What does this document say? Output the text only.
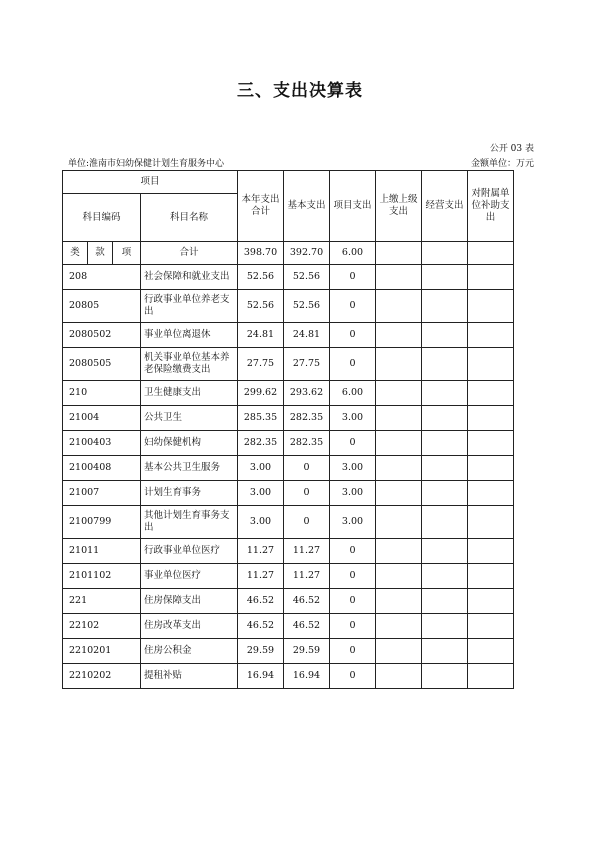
三、支出决算表
公开 03 表
单位:淮南市妇幼保健计划生育服务中心	金额单位：万元
项目				本年支出合计	基本支出	项目支出	上缴上级支出	经营支出	对附属单位补助支出
科目编码			科目名称						
类	款	项	合计	398.70	392.70	6.00			
208			社会保障和就业支出	52.56	52.56	0			
20805			行政事业单位养老支出	52.56	52.56	0			
2080502			事业单位离退休	24.81	24.81	0			
2080505			机关事业单位基本养老保险缴费支出	27.75	27.75	0			
210			卫生健康支出	299.62	293.62	6.00			
21004			公共卫生	285.35	282.35	3.00			
2100403			妇幼保健机构	282.35	282.35	0			
2100408			基本公共卫生服务	3.00	0	3.00			
21007			计划生育事务	3.00	0	3.00			
2100799			其他计划生育事务支出	3.00	0	3.00			
21011			行政事业单位医疗	11.27	11.27	0			
2101102			事业单位医疗	11.27	11.27	0			
221			住房保障支出	46.52	46.52	0			
22102			住房改革支出	46.52	46.52	0			
2210201			住房公积金	29.59	29.59	0			
2210202			提租补贴	16.94	16.94	0			
